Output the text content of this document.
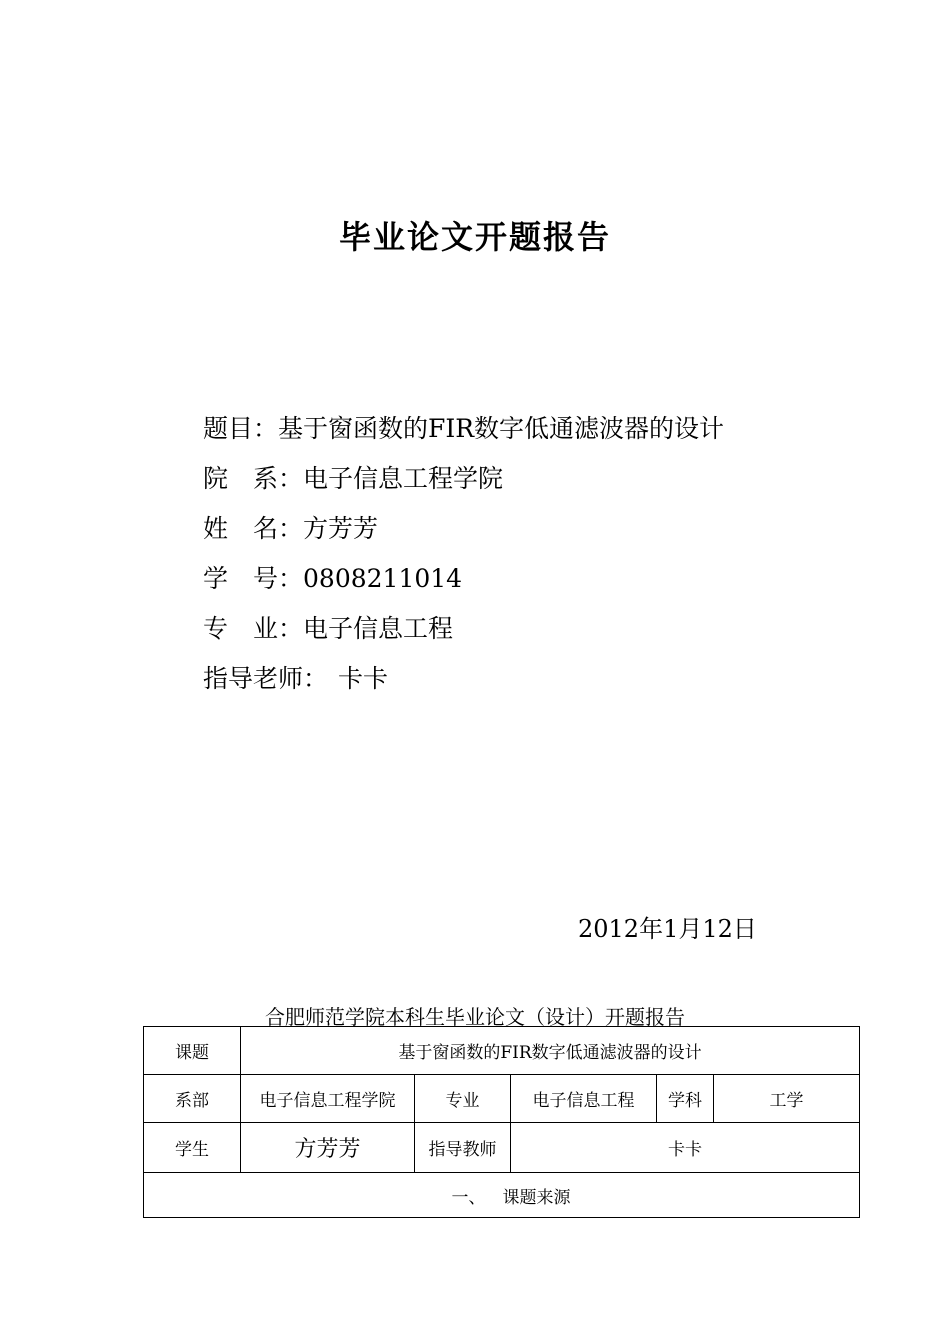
毕业论文开题报告
题目：基于窗函数的FIR数字低通滤波器的设计
院　系：电子信息工程学院
姓　名：方芳芳
学　号：0808211014
专　业：电子信息工程
指导老师： 卡卡
2012年1月12日
合肥师范学院本科生毕业论文（设计）开题报告
课题	基于窗函数的FIR数字低通滤波器的设计				
系部	电子信息工程学院	专业	电子信息工程	学科	工学
学生	方芳芳	指导教师	卡卡		
一、 课题来源					
